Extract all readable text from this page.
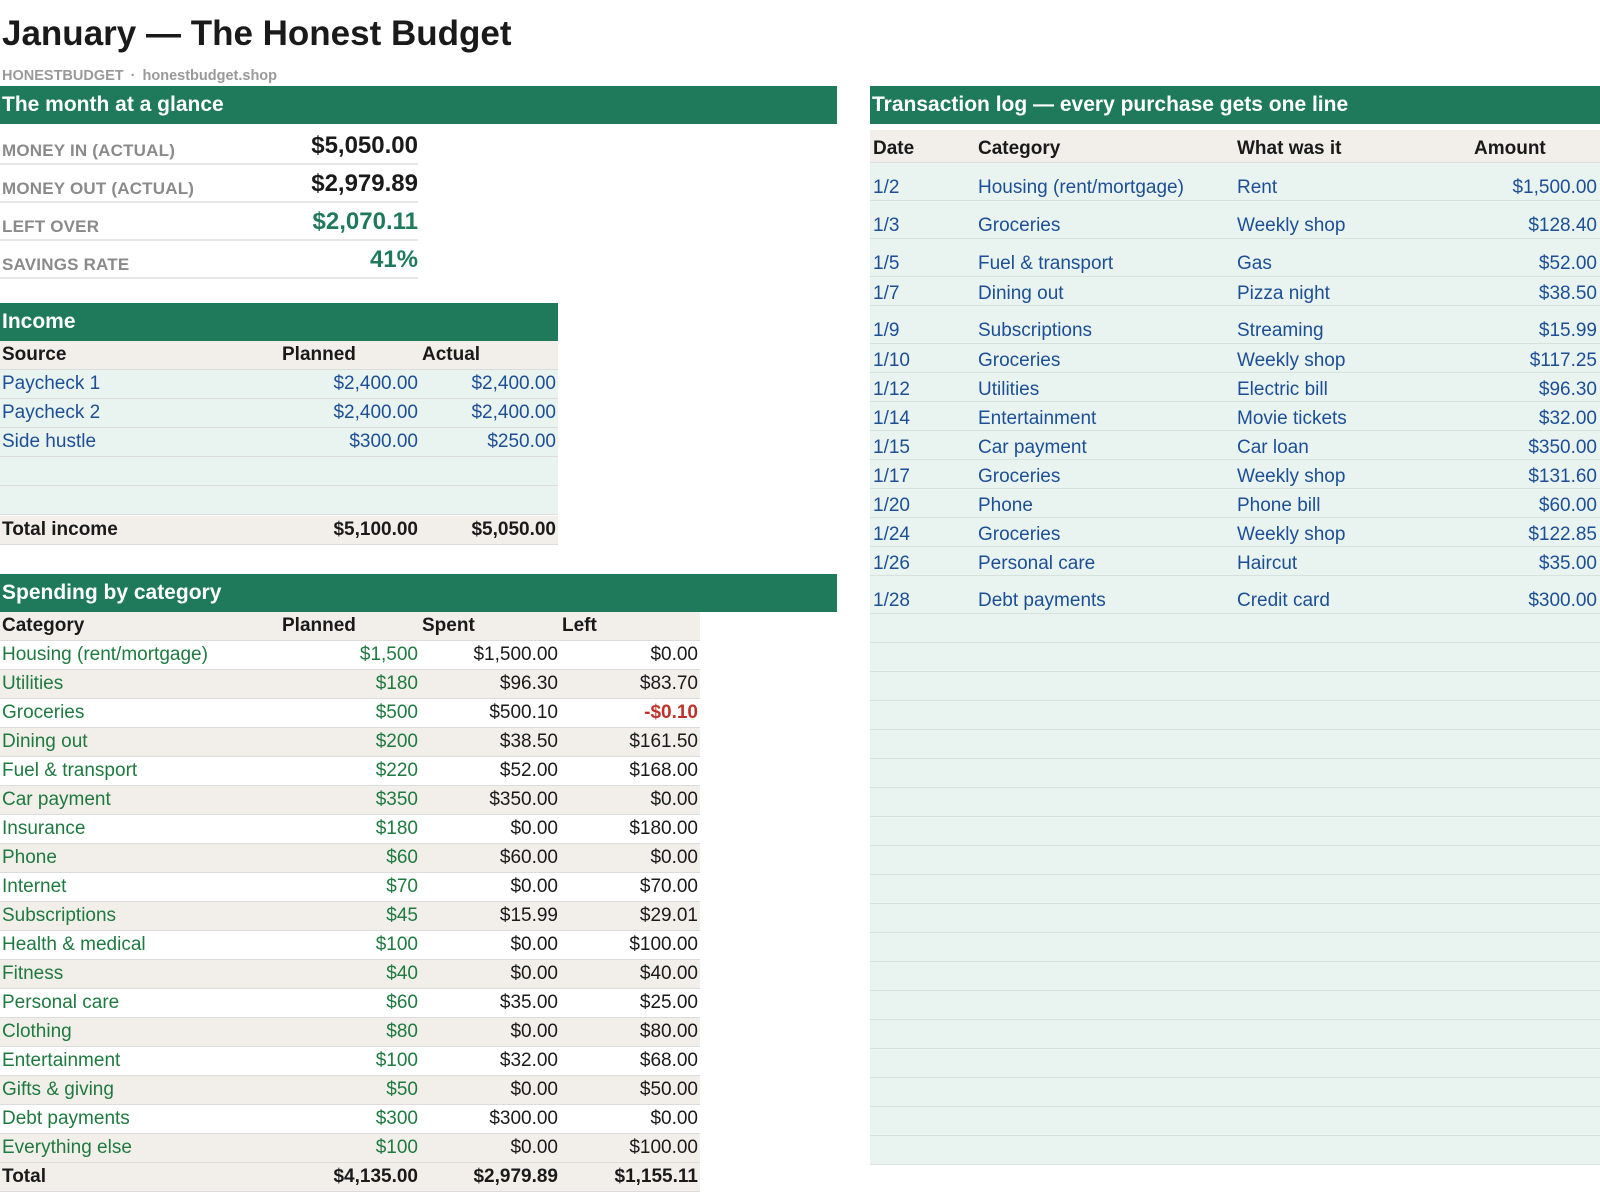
January — The Honest Budget
HONESTBUDGET · honestbudget.shop
The month at a glance
MONEY IN (ACTUAL)	$5,050.00
MONEY OUT (ACTUAL)	$2,979.89
LEFT OVER	$2,070.11
SAVINGS RATE	41%
Income
Source	Planned	Actual
Paycheck 1	$2,400.00	$2,400.00
Paycheck 2	$2,400.00	$2,400.00
Side hustle	$300.00	$250.00
Total income	$5,100.00	$5,050.00
Spending by category
Category	Planned	Spent	Left
Housing (rent/mortgage)	$1,500	$1,500.00	$0.00
Utilities	$180	$96.30	$83.70
Groceries	$500	$500.10	-$0.10
Dining out	$200	$38.50	$161.50
Fuel & transport	$220	$52.00	$168.00
Car payment	$350	$350.00	$0.00
Insurance	$180	$0.00	$180.00
Phone	$60	$60.00	$0.00
Internet	$70	$0.00	$70.00
Subscriptions	$45	$15.99	$29.01
Health & medical	$100	$0.00	$100.00
Fitness	$40	$0.00	$40.00
Personal care	$60	$35.00	$25.00
Clothing	$80	$0.00	$80.00
Entertainment	$100	$32.00	$68.00
Gifts & giving	$50	$0.00	$50.00
Debt payments	$300	$300.00	$0.00
Everything else	$100	$0.00	$100.00
Total	$4,135.00	$2,979.89	$1,155.11
Transaction log — every purchase gets one line
Date	Category	What was it	Amount
1/2	Housing (rent/mortgage)	Rent	$1,500.00
1/3	Groceries	Weekly shop	$128.40
1/5	Fuel & transport	Gas	$52.00
1/7	Dining out	Pizza night	$38.50
1/9	Subscriptions	Streaming	$15.99
1/10	Groceries	Weekly shop	$117.25
1/12	Utilities	Electric bill	$96.30
1/14	Entertainment	Movie tickets	$32.00
1/15	Car payment	Car loan	$350.00
1/17	Groceries	Weekly shop	$131.60
1/20	Phone	Phone bill	$60.00
1/24	Groceries	Weekly shop	$122.85
1/26	Personal care	Haircut	$35.00
1/28	Debt payments	Credit card	$300.00
